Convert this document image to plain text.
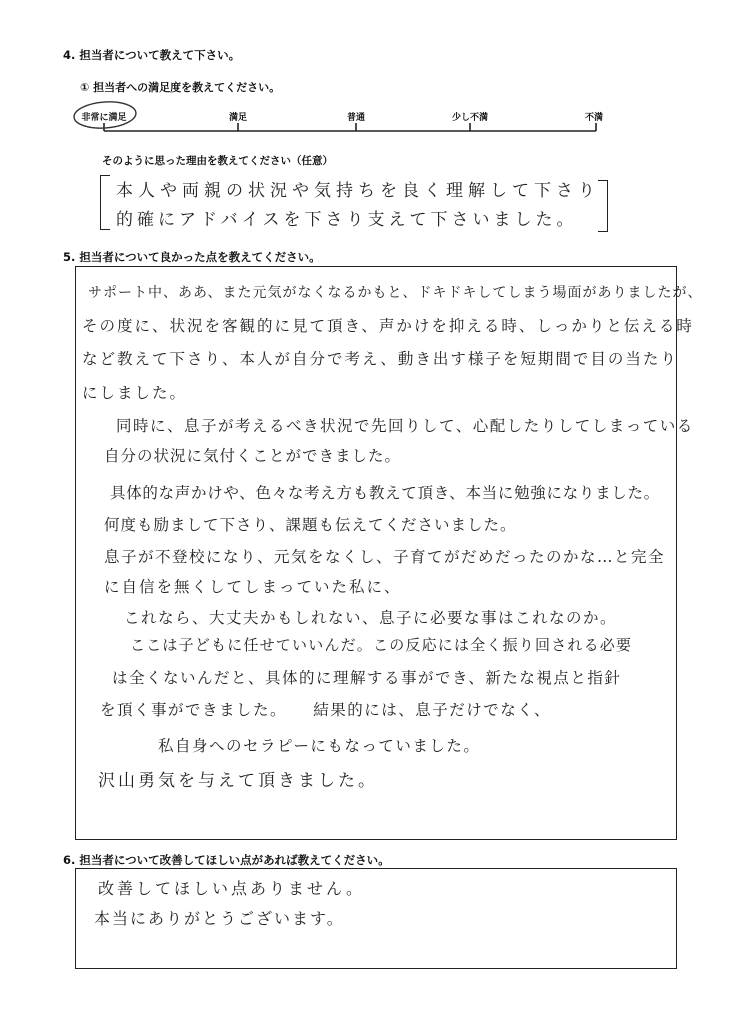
4. 担当者について教えて下さい。
① 担当者への満足度を教えてください。
非常に満足	満足	普通	少し不満	不満
そのように思った理由を教えてください（任意）
本人や両親の状況や気持ちを良く理解して下さり
的確にアドバイスを下さり支えて下さいました。
5. 担当者について良かった点を教えてください。
サポート中、ああ、また元気がなくなるかもと、ドキドキしてしまう場面がありましたが、
その度に、状況を客観的に見て頂き、声かけを抑える時、しっかりと伝える時
など教えて下さり、本人が自分で考え、動き出す様子を短期間で目の当たり
にしました。
同時に、息子が考えるべき状況で先回りして、心配したりしてしまっている
自分の状況に気付くことができました。
具体的な声かけや、色々な考え方も教えて頂き、本当に勉強になりました。
何度も励まして下さり、課題も伝えてくださいました。
息子が不登校になり、元気をなくし、子育てがだめだったのかな…と完全
に自信を無くしてしまっていた私に、
これなら、大丈夫かもしれない、息子に必要な事はこれなのか。
ここは子どもに任せていいんだ。この反応には全く振り回される必要
は全くないんだと、具体的に理解する事ができ、新たな視点と指針
を頂く事ができました。　　結果的には、息子だけでなく、
私自身へのセラピーにもなっていました。
沢山勇気を与えて頂きました。
6. 担当者について改善してほしい点があれば教えてください。
改善してほしい点ありません。
本当にありがとうございます。
